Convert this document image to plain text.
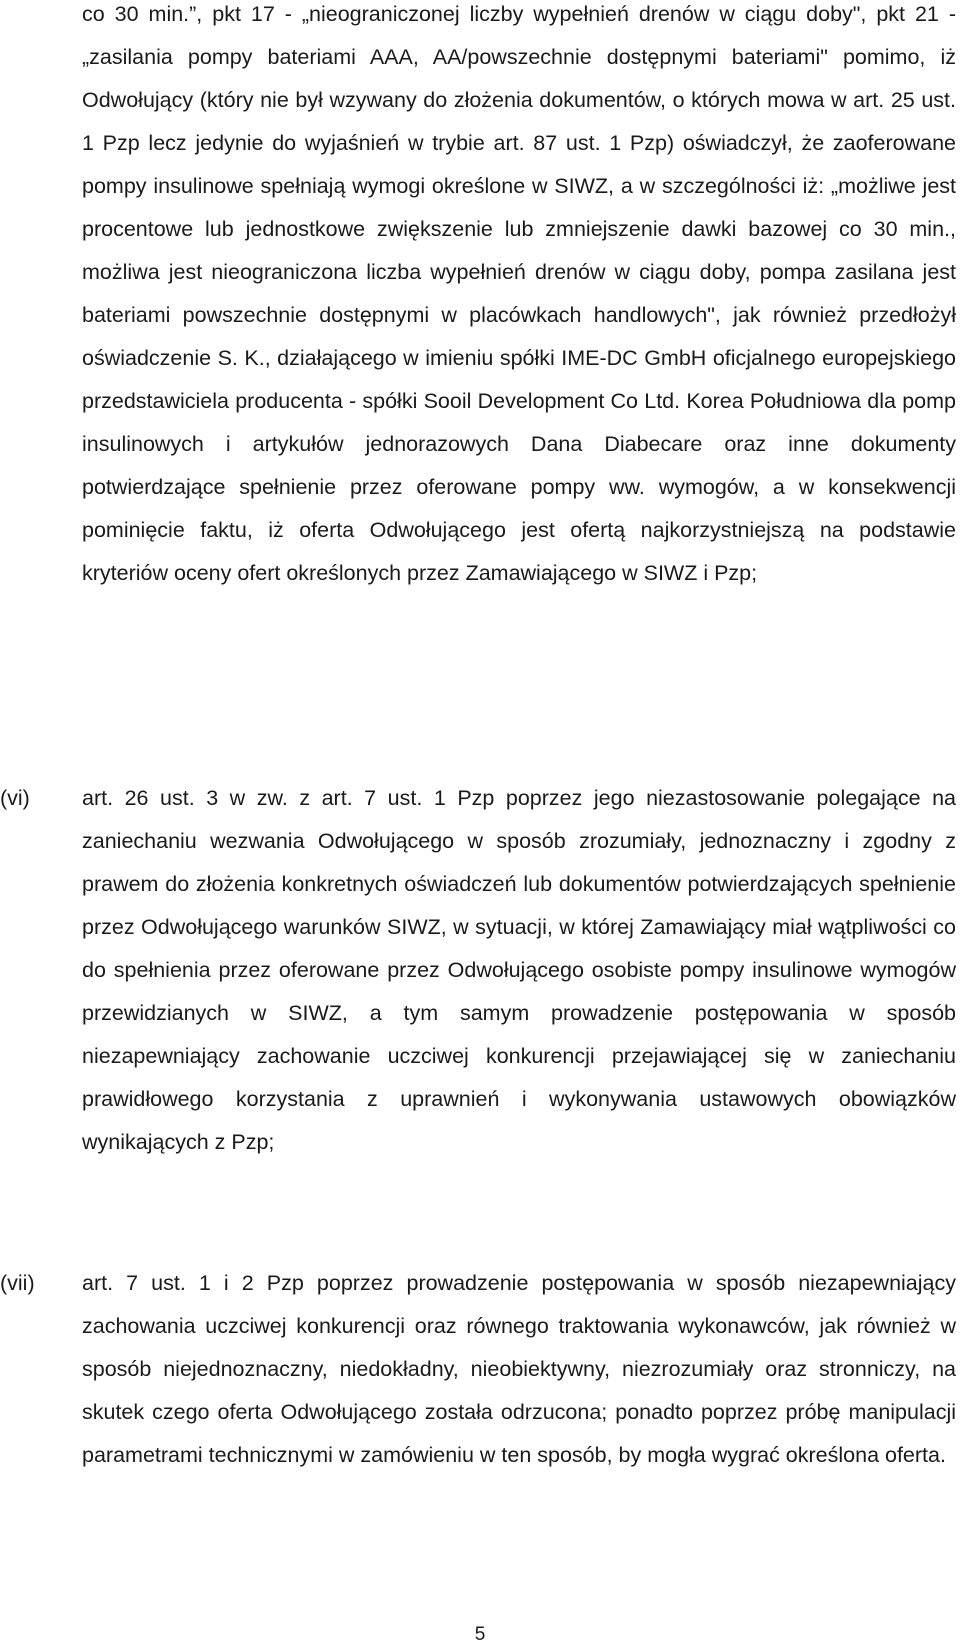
co 30 min.”, pkt 17 - „nieograniczonej liczby wypełnień drenów w ciągu doby", pkt 21 - „zasilania pompy bateriami AAA, AA/powszechnie dostępnymi bateriami" pomimo, iż Odwołujący (który nie był wzywany do złożenia dokumentów, o których mowa w art. 25 ust. 1 Pzp lecz jedynie do wyjaśnień w trybie art. 87 ust. 1 Pzp) oświadczył, że zaoferowane pompy insulinowe spełniają wymogi określone w SIWZ, a w szczególności iż: „możliwe jest procentowe lub jednostkowe zwiększenie lub zmniejszenie dawki bazowej co 30 min., możliwa jest nieograniczona liczba wypełnień drenów w ciągu doby, pompa zasilana jest bateriami powszechnie dostępnymi w placówkach handlowych", jak również przedłożył oświadczenie S. K., działającego w imieniu spółki IME-DC GmbH oficjalnego europejskiego przedstawiciela producenta - spółki Sooil Development Co Ltd. Korea Południowa dla pomp insulinowych i artykułów jednorazowych Dana Diabecare oraz inne dokumenty potwierdzające spełnienie przez oferowane pompy ww. wymogów, a w konsekwencji pominięcie faktu, iż oferta Odwołującego jest ofertą najkorzystniejszą na podstawie kryteriów oceny ofert określonych przez Zamawiającego w SIWZ i Pzp;
(vi) art. 26 ust. 3 w zw. z art. 7 ust. 1 Pzp poprzez jego niezastosowanie polegające na zaniechaniu wezwania Odwołującego w sposób zrozumiały, jednoznaczny i zgodny z prawem do złożenia konkretnych oświadczeń lub dokumentów potwierdzających spełnienie przez Odwołującego warunków SIWZ, w sytuacji, w której Zamawiający miał wątpliwości co do spełnienia przez oferowane przez Odwołującego osobiste pompy insulinowe wymogów przewidzianych w SIWZ, a tym samym prowadzenie postępowania w sposób niezapewniający zachowanie uczciwej konkurencji przejawiającej się w zaniechaniu prawidłowego korzystania z uprawnień i wykonywania ustawowych obowiązków wynikających z Pzp;
(vii) art. 7 ust. 1 i 2 Pzp poprzez prowadzenie postępowania w sposób niezapewniający zachowania uczciwej konkurencji oraz równego traktowania wykonawców, jak również w sposób niejednoznaczny, niedokładny, nieobiektywny, niezrozumiały oraz stronniczy, na skutek czego oferta Odwołującego została odrzucona; ponadto poprzez próbę manipulacji parametrami technicznymi w zamówieniu w ten sposób, by mogła wygrać określona oferta.
5
